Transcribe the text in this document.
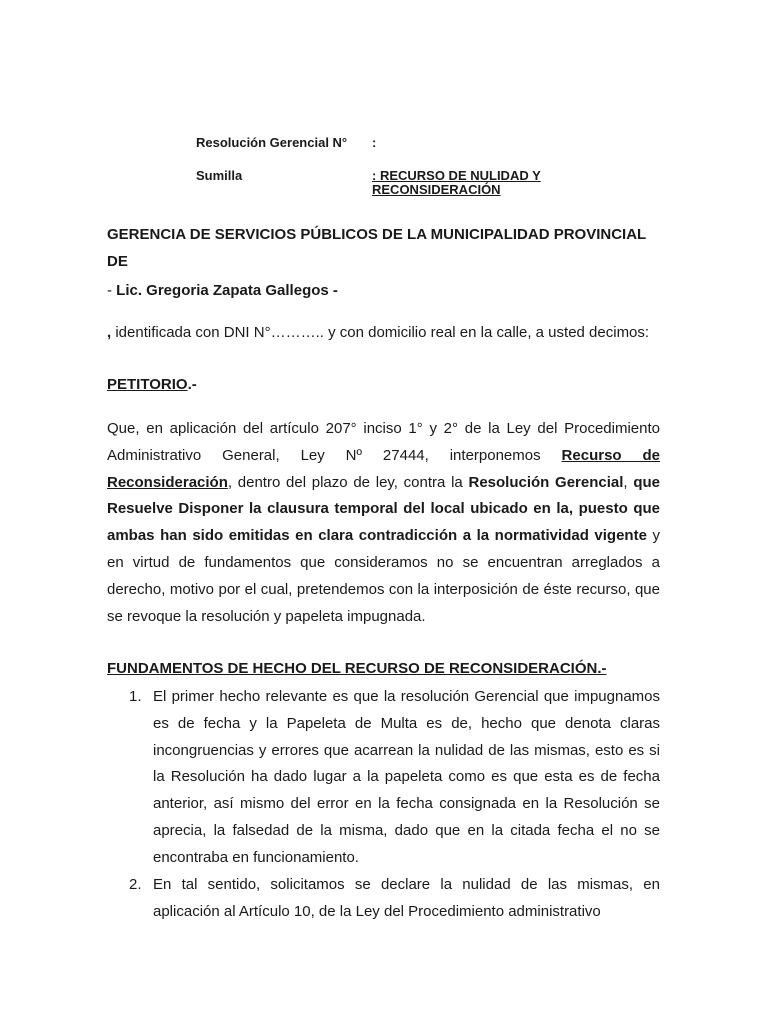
Resolución Gerencial N° :
Sumilla	: RECURSO DE NULIDAD Y
RECONSIDERACIÓN
GERENCIA DE SERVICIOS PÚBLICOS DE LA MUNICIPALIDAD PROVINCIAL DE
- Lic. Gregoria Zapata Gallegos -
, identificada con DNI N°……….. y con domicilio real en la calle, a usted decimos:
PETITORIO.-
Que, en aplicación del artículo 207° inciso 1° y 2° de la Ley del Procedimiento Administrativo General, Ley Nº 27444, interponemos Recurso de Reconsideración, dentro del plazo de ley, contra la Resolución Gerencial, que Resuelve Disponer la clausura temporal del local ubicado en la, puesto que ambas han sido emitidas en clara contradicción a la normatividad vigente y en virtud de fundamentos que consideramos no se encuentran arreglados a derecho, motivo por el cual, pretendemos con la interposición de éste recurso, que se revoque la resolución y papeleta impugnada.
FUNDAMENTOS DE HECHO DEL RECURSO DE RECONSIDERACIÓN.-
1. El primer hecho relevante es que la resolución Gerencial que impugnamos es de fecha y la Papeleta de Multa es de, hecho que denota claras incongruencias y errores que acarrean la nulidad de las mismas, esto es si la Resolución ha dado lugar a la papeleta como es que esta es de fecha anterior, así mismo del error en la fecha consignada en la Resolución se aprecia, la falsedad de la misma, dado que en la citada fecha el no se encontraba en funcionamiento.
2. En tal sentido, solicitamos se declare la nulidad de las mismas, en aplicación al Artículo 10, de la Ley del Procedimiento administrativo
